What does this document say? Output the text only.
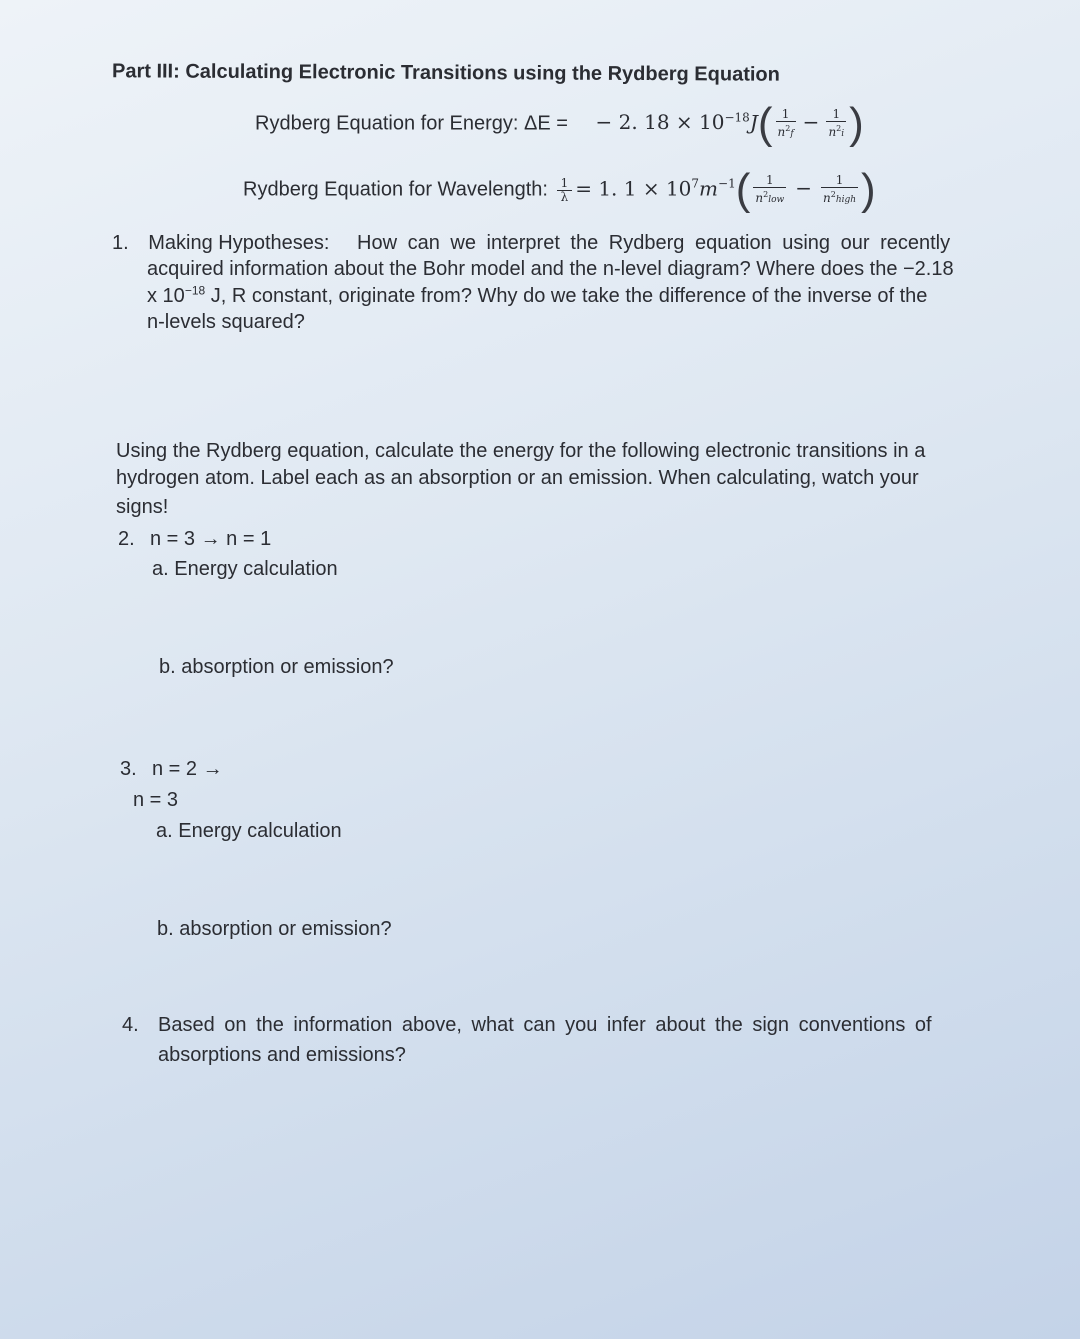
Part III: Calculating Electronic Transitions using the Rydberg Equation
Rydberg Equation for Energy: ΔE = − 2. $18 \times 10^{-18}J( \frac{1}{n^2f} - \frac{1}{n^2i}$ )
Rydberg Equation for Wavelength: $\frac{1}{\lambda} = 1$. $1 \times 10^7m^{-1}( \frac{1}{n^2low} - \frac{1}{n^2high}$ )
1. Making Hypotheses: How can we interpret the Rydberg equation using our recently
acquired information about the Bohr model and the n-level diagram? Where does the −2.18
x $10^{-18}$ J, R constant, originate from? Why do we take the difference of the inverse of the
n-levels squared?
Using the Rydberg equation, calculate the energy for the following electronic transitions in a
hydrogen atom. Label each as an absorption or an emission. When calculating, watch your
signs!
2. n = 3 → n = 1
a. Energy calculation
b. absorption or emission?
3. n = 2 →
n = 3
a. Energy calculation
b. absorption or emission?
4. Based on the information above, what can you infer about the sign conventions of
absorptions and emissions?
